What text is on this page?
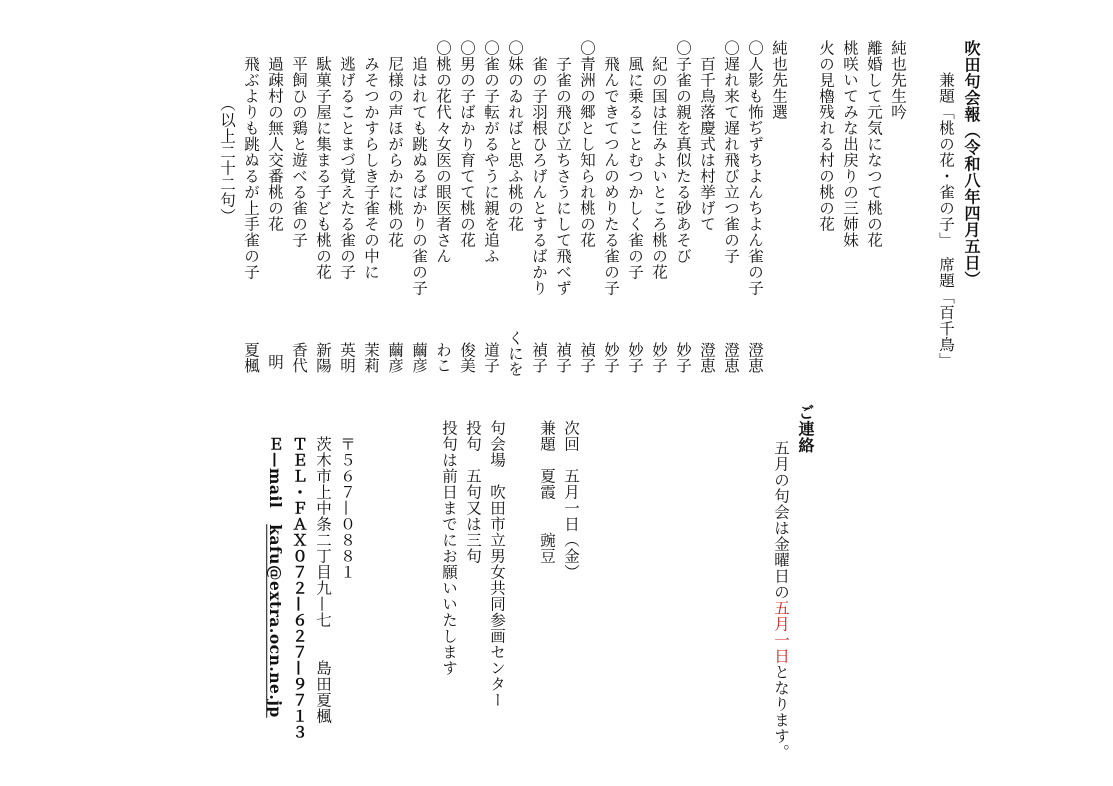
吹田句会報（令和八年四月五日）
兼題「桃の花・雀の子」　席題「百千鳥」
純也先生吟
離婚して元気になつて桃の花
桃咲いてみな出戻りの三姉妹
火の見櫓残れる村の桃の花
純也先生選
〇人影も怖ぢずちよんちよん雀の子
澄恵
〇遅れ来て遅れ飛び立つ雀の子
澄恵
百千鳥落慶式は村挙げて
澄恵
〇子雀の親を真似たる砂あそび
妙子
紀の国は住みよいところ桃の花
妙子
風に乗ることむつかしく雀の子
妙子
飛んできてつんのめりたる雀の子
妙子
〇青洲の郷とし知られ桃の花
禎子
子雀の飛び立ちさうにして飛べず
禎子
雀の子羽根ひろげんとするばかり
禎子
〇妹のゐればと思ふ桃の花
くにを
〇雀の子転がるやうに親を追ふ
道子
〇男の子ばかり育てて桃の花
俊美
〇桃の花代々女医の眼医者さん
わこ
追はれても跳ぬるばかりの雀の子
繭彦
尼様の声ほがらかに桃の花
繭彦
みそつかすらしき子雀その中に
茉莉
逃げることまづ覚えたる雀の子
英明
駄菓子屋に集まる子ども桃の花
新陽
平飼ひの鶏と遊べる雀の子
香代
過疎村の無人交番桃の花
明
飛ぶよりも跳ぬるが上手雀の子
夏楓
（以上二十二句）
ご連絡
五月の句会は金曜日の五月一日となります。
次回　五月一日（金）
兼題　夏霞　　豌豆
句会場　吹田市立男女共同参画センター
投句　五句又は三句
投句は前日までにお願いいたします
〒５６７—０８８１
茨木市上中条二丁目九—七　　島田夏楓
ＴＥＬ・ＦＡＸ０７２—６２７—９７１３
Ｅ—mailkafu@extra.ocn.ne.jp
